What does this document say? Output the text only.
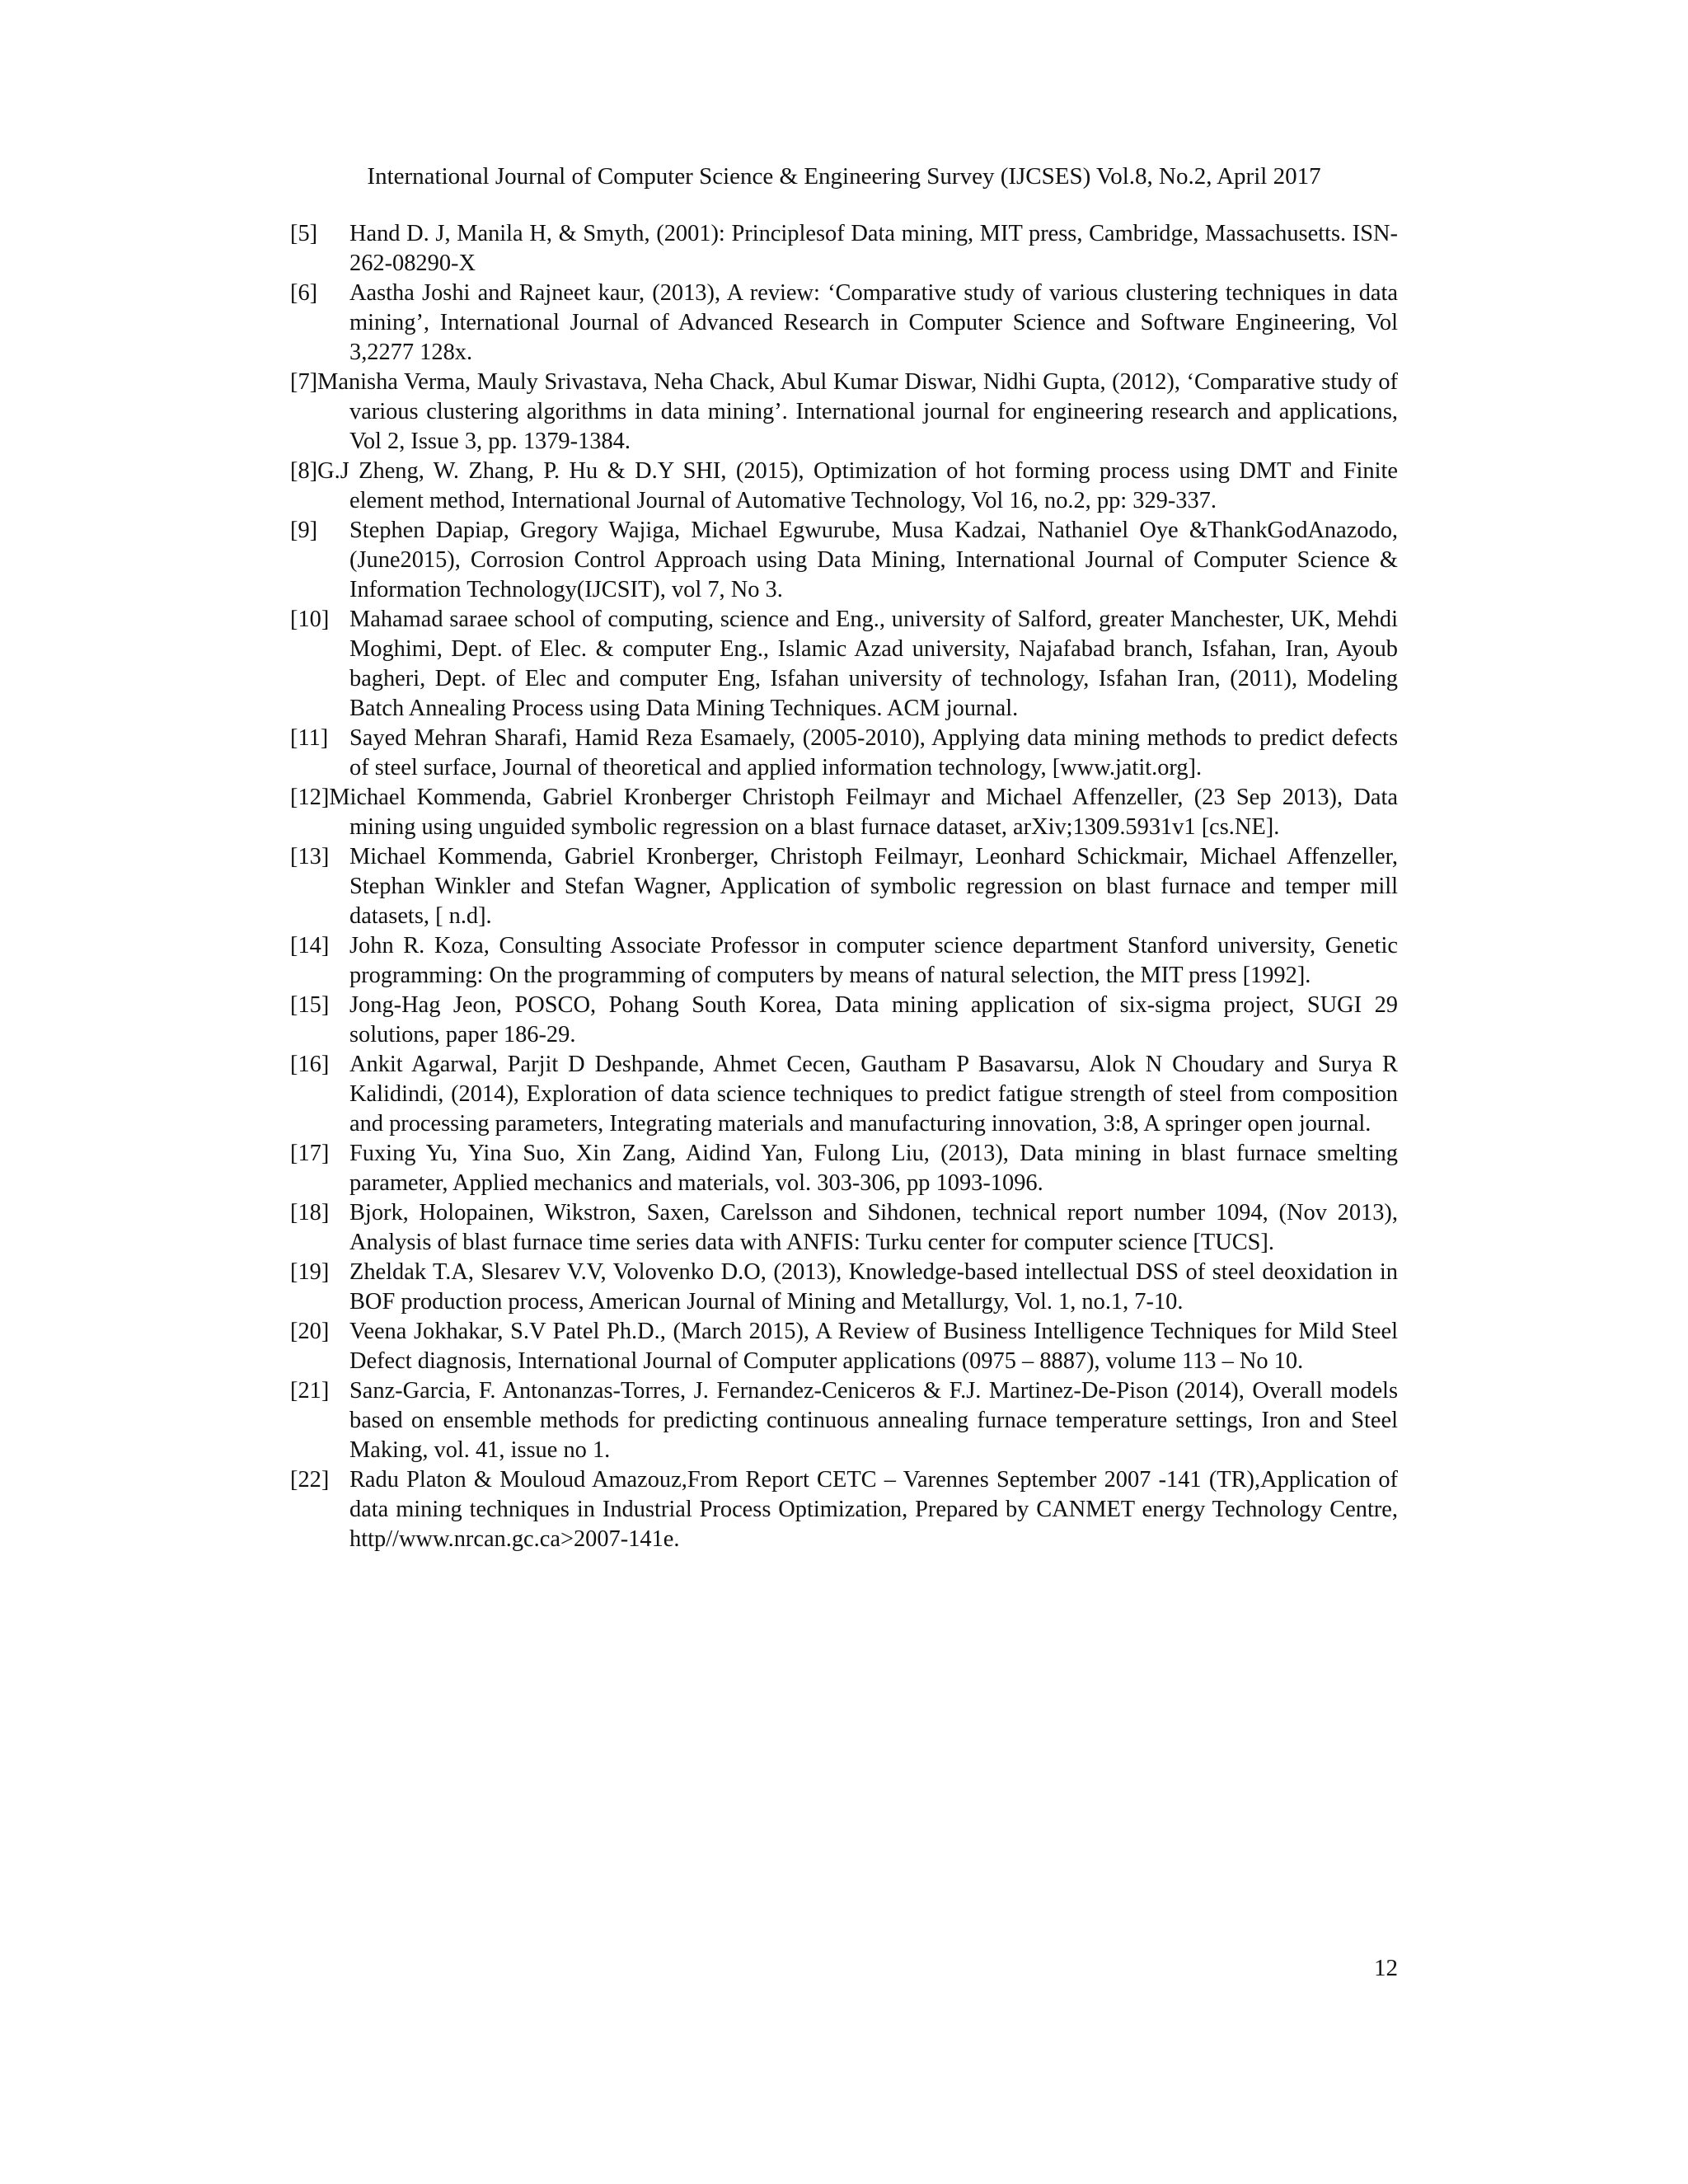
International Journal of Computer Science & Engineering Survey (IJCSES) Vol.8, No.2, April 2017
[5] Hand D. J, Manila H, & Smyth, (2001): Principlesof Data mining, MIT press, Cambridge, Massachusetts. ISN-262-08290-X
[6] Aastha Joshi and Rajneet kaur, (2013), A review: ‘Comparative study of various clustering techniques in data mining’, International Journal of Advanced Research in Computer Science and Software Engineering, Vol 3,2277 128x.
[7]Manisha Verma, Mauly Srivastava, Neha Chack, Abul Kumar Diswar, Nidhi Gupta, (2012), ‘Comparative study of various clustering algorithms in data mining’. International journal for engineering research and applications, Vol 2, Issue 3, pp. 1379-1384.
[8]G.J Zheng, W. Zhang, P. Hu & D.Y SHI, (2015), Optimization of hot forming process using DMT and Finite element method, International Journal of Automative Technology, Vol 16, no.2, pp: 329-337.
[9] Stephen Dapiap, Gregory Wajiga, Michael Egwurube, Musa Kadzai, Nathaniel Oye &ThankGodAnazodo, (June2015), Corrosion Control Approach using Data Mining, International Journal of Computer Science & Information Technology(IJCSIT), vol 7, No 3.
[10] Mahamad saraee school of computing, science and Eng., university of Salford, greater Manchester, UK, Mehdi Moghimi, Dept. of Elec. & computer Eng., Islamic Azad university, Najafabad branch, Isfahan, Iran, Ayoub bagheri, Dept. of Elec and computer Eng, Isfahan university of technology, Isfahan Iran, (2011), Modeling Batch Annealing Process using Data Mining Techniques. ACM journal.
[11] Sayed Mehran Sharafi, Hamid Reza Esamaely, (2005-2010), Applying data mining methods to predict defects of steel surface, Journal of theoretical and applied information technology, [www.jatit.org].
[12]Michael Kommenda, Gabriel Kronberger Christoph Feilmayr and Michael Affenzeller, (23 Sep 2013), Data mining using unguided symbolic regression on a blast furnace dataset, arXiv;1309.5931v1 [cs.NE].
[13] Michael Kommenda, Gabriel Kronberger, Christoph Feilmayr, Leonhard Schickmair, Michael Affenzeller, Stephan Winkler and Stefan Wagner, Application of symbolic regression on blast furnace and temper mill datasets, [ n.d].
[14] John R. Koza, Consulting Associate Professor in computer science department Stanford university, Genetic programming: On the programming of computers by means of natural selection, the MIT press [1992].
[15] Jong-Hag Jeon, POSCO, Pohang South Korea, Data mining application of six-sigma project, SUGI 29 solutions, paper 186-29.
[16] Ankit Agarwal, Parjit D Deshpande, Ahmet Cecen, Gautham P Basavarsu, Alok N Choudary and Surya R Kalidindi, (2014), Exploration of data science techniques to predict fatigue strength of steel from composition and processing parameters, Integrating materials and manufacturing innovation, 3:8, A springer open journal.
[17] Fuxing Yu, Yina Suo, Xin Zang, Aidind Yan, Fulong Liu, (2013), Data mining in blast furnace smelting parameter, Applied mechanics and materials, vol. 303-306, pp 1093-1096.
[18] Bjork, Holopainen, Wikstron, Saxen, Carelsson and Sihdonen, technical report number 1094, (Nov 2013), Analysis of blast furnace time series data with ANFIS: Turku center for computer science [TUCS].
[19] Zheldak T.A, Slesarev V.V, Volovenko D.O, (2013), Knowledge-based intellectual DSS of steel deoxidation in BOF production process, American Journal of Mining and Metallurgy, Vol. 1, no.1, 7-10.
[20] Veena Jokhakar, S.V Patel Ph.D., (March 2015), A Review of Business Intelligence Techniques for Mild Steel Defect diagnosis, International Journal of Computer applications (0975 – 8887), volume 113 – No 10.
[21] Sanz-Garcia, F. Antonanzas-Torres, J. Fernandez-Ceniceros & F.J. Martinez-De-Pison (2014), Overall models based on ensemble methods for predicting continuous annealing furnace temperature settings, Iron and Steel Making, vol. 41, issue no 1.
[22] Radu Platon & Mouloud Amazouz,From Report CETC – Varennes September 2007 -141 (TR),Application of data mining techniques in Industrial Process Optimization, Prepared by CANMET energy Technology Centre, http//www.nrcan.gc.ca>2007-141e.
12
